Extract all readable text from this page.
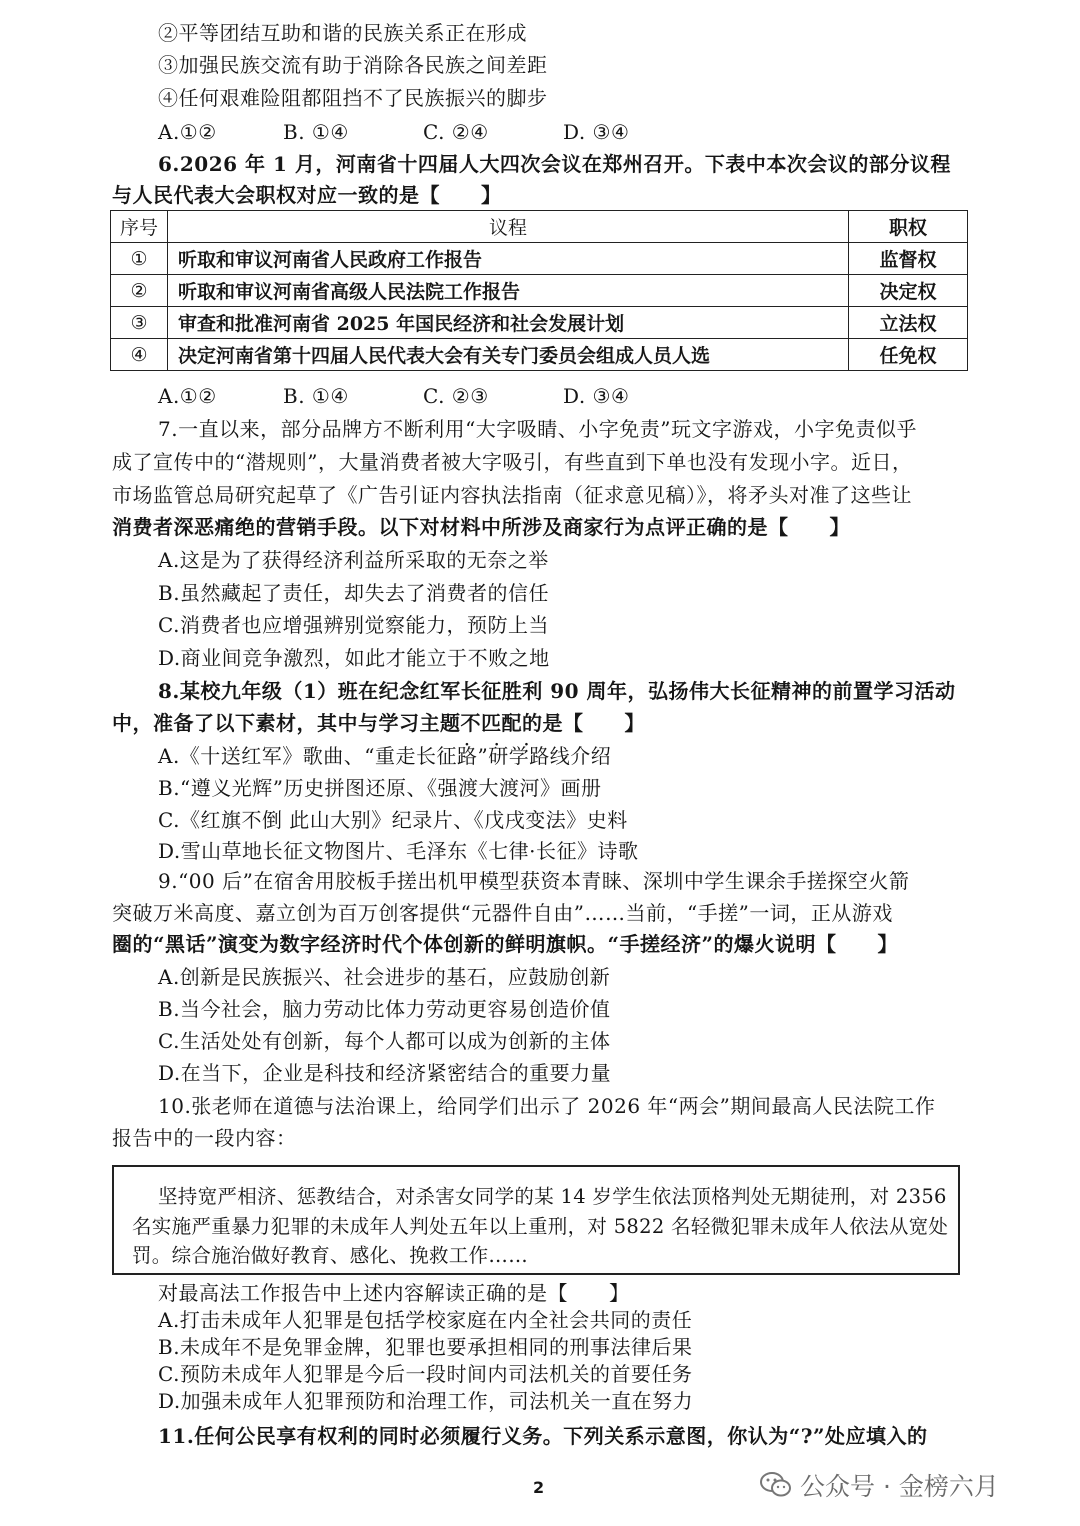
②平等团结互助和谐的民族关系正在形成
③加强民族交流有助于消除各民族之间差距
④任何艰难险阻都阻挡不了民族振兴的脚步
A.①②	B. ①④	C. ②④	D. ③④
6.2026 年 1 月，河南省十四届人大四次会议在郑州召开。下表中本次会议的部分议程
与人民代表大会职权对应一致的是【　　】
序号	议程	职权
①	听取和审议河南省人民政府工作报告	监督权
②	听取和审议河南省高级人民法院工作报告	决定权
③	审查和批准河南省 2025 年国民经济和社会发展计划	立法权
④	决定河南省第十四届人民代表大会有关专门委员会组成人员人选	任免权
A.①②	B. ①④	C. ②③	D. ③④
7.一直以来，部分品牌方不断利用“大字吸睛、小字免责”玩文字游戏，小字免责似乎
成了宣传中的“潜规则”，大量消费者被大字吸引，有些直到下单也没有发现小字。近日，
市场监管总局研究起草了《广告引证内容执法指南（征求意见稿）》，将矛头对准了这些让
消费者深恶痛绝的营销手段。以下对材料中所涉及商家行为点评正确的是【　　】
A.这是为了获得经济利益所采取的无奈之举
B.虽然藏起了责任，却失去了消费者的信任
C.消费者也应增强辨别觉察能力，预防上当
D.商业间竞争激烈，如此才能立于不败之地
8.某校九年级（1）班在纪念红军长征胜利 90 周年，弘扬伟大长征精神的前置学习活动
中，准备了以下素材，其中与学习主题不匹配 · · ·的是【　　】
A.《十送红军》歌曲、“重走长征路”研学路线介绍
B.“遵义光辉”历史拼图还原、《强渡大渡河》画册
C.《红旗不倒 此山大别》纪录片、《戊戌变法》史料
D.雪山草地长征文物图片、毛泽东《七律·长征》诗歌
9.“00 后”在宿舍用胶板手搓出机甲模型获资本青睐、深圳中学生课余手搓探空火箭
突破万米高度、嘉立创为百万创客提供“元器件自由”……当前，“手搓”一词，正从游戏
圈的“黑话”演变为数字经济时代个体创新的鲜明旗帜。“手搓经济”的爆火说明【　　】
A.创新是民族振兴、社会进步的基石，应鼓励创新
B.当今社会，脑力劳动比体力劳动更容易创造价值
C.生活处处有创新，每个人都可以成为创新的主体
D.在当下，企业是科技和经济紧密结合的重要力量
10.张老师在道德与法治课上，给同学们出示了 2026 年“两会”期间最高人民法院工作
报告中的一段内容：
坚持宽严相济、惩教结合，对杀害女同学的某 14 岁学生依法顶格判处无期徒刑，对 2356
名实施严重暴力犯罪的未成年人判处五年以上重刑，对 5822 名轻微犯罪未成年人依法从宽处
罚。综合施治做好教育、感化、挽救工作……
对最高法工作报告中上述内容解读正确的是【　　】
A.打击未成年人犯罪是包括学校家庭在内全社会共同的责任
B.未成年不是免罪金牌，犯罪也要承担相同的刑事法律后果
C.预防未成年人犯罪是今后一段时间内司法机关的首要任务
D.加强未成年人犯罪预防和治理工作，司法机关一直在努力
11.任何公民享有权利的同时必须履行义务。下列关系示意图，你认为“?”处应填入的
2	公众号 · 金榜六月
